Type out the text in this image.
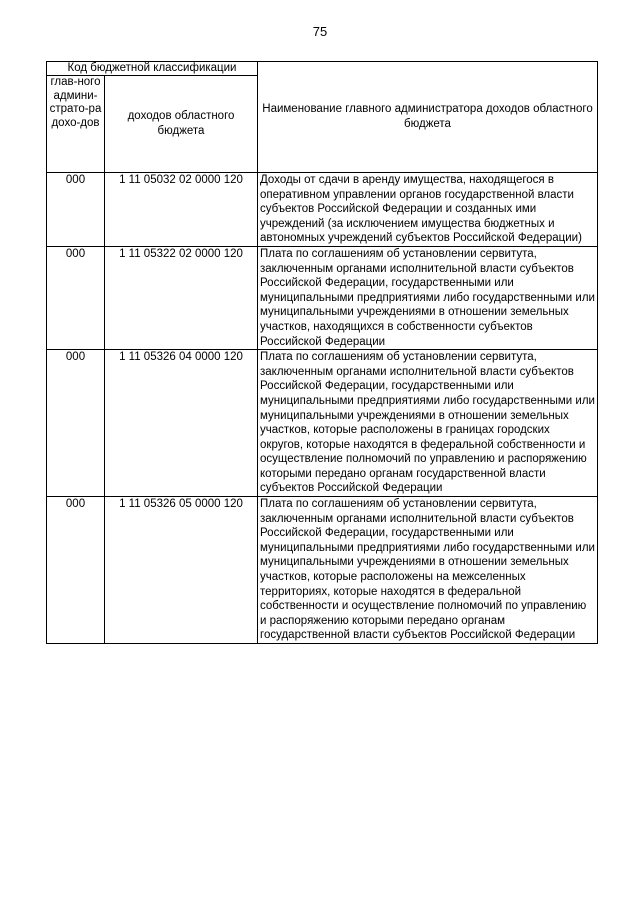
75
Код бюджетной классификации		Наименование главного администратора доходов областного бюджета

глав-ного админи-страто-ра дохо-дов	доходов областного бюджета	

000	1 11 05032 02 0000 120	Доходы от сдачи в аренду имущества, находящегося в оперативном управлении органов государственной власти субъектов Российской Федерации и созданных ими учреждений (за исключением имущества бюджетных и автономных учреждений субъектов Российской Федерации)

000	1 11 05322 02 0000 120	Плата по соглашениям об установлении сервитута, заключенным органами исполнительной власти субъектов Российской Федерации, государственными или муниципальными предприятиями либо государственными или муниципальными учреждениями в отношении земельных участков, находящихся в собственности субъектов Российской Федерации

000	1 11 05326 04 0000 120	Плата по соглашениям об установлении сервитута, заключенным органами исполнительной власти субъектов Российской Федерации, государственными или муниципальными предприятиями либо государственными или муниципальными учреждениями в отношении земельных участков, которые расположены в границах городских округов, которые находятся в федеральной собственности и осуществление полномочий по управлению и распоряжению которыми передано органам государственной власти субъектов Российской Федерации

000	1 11 05326 05 0000 120	Плата по соглашениям об установлении сервитута, заключенным органами исполнительной власти субъектов Российской Федерации, государственными или муниципальными предприятиями либо государственными или муниципальными учреждениями в отношении земельных участков, которые расположены на межселенных территориях, которые находятся в федеральной собственности и осуществление полномочий по управлению и распоряжению которыми передано органам государственной власти субъектов Российской Федерации
